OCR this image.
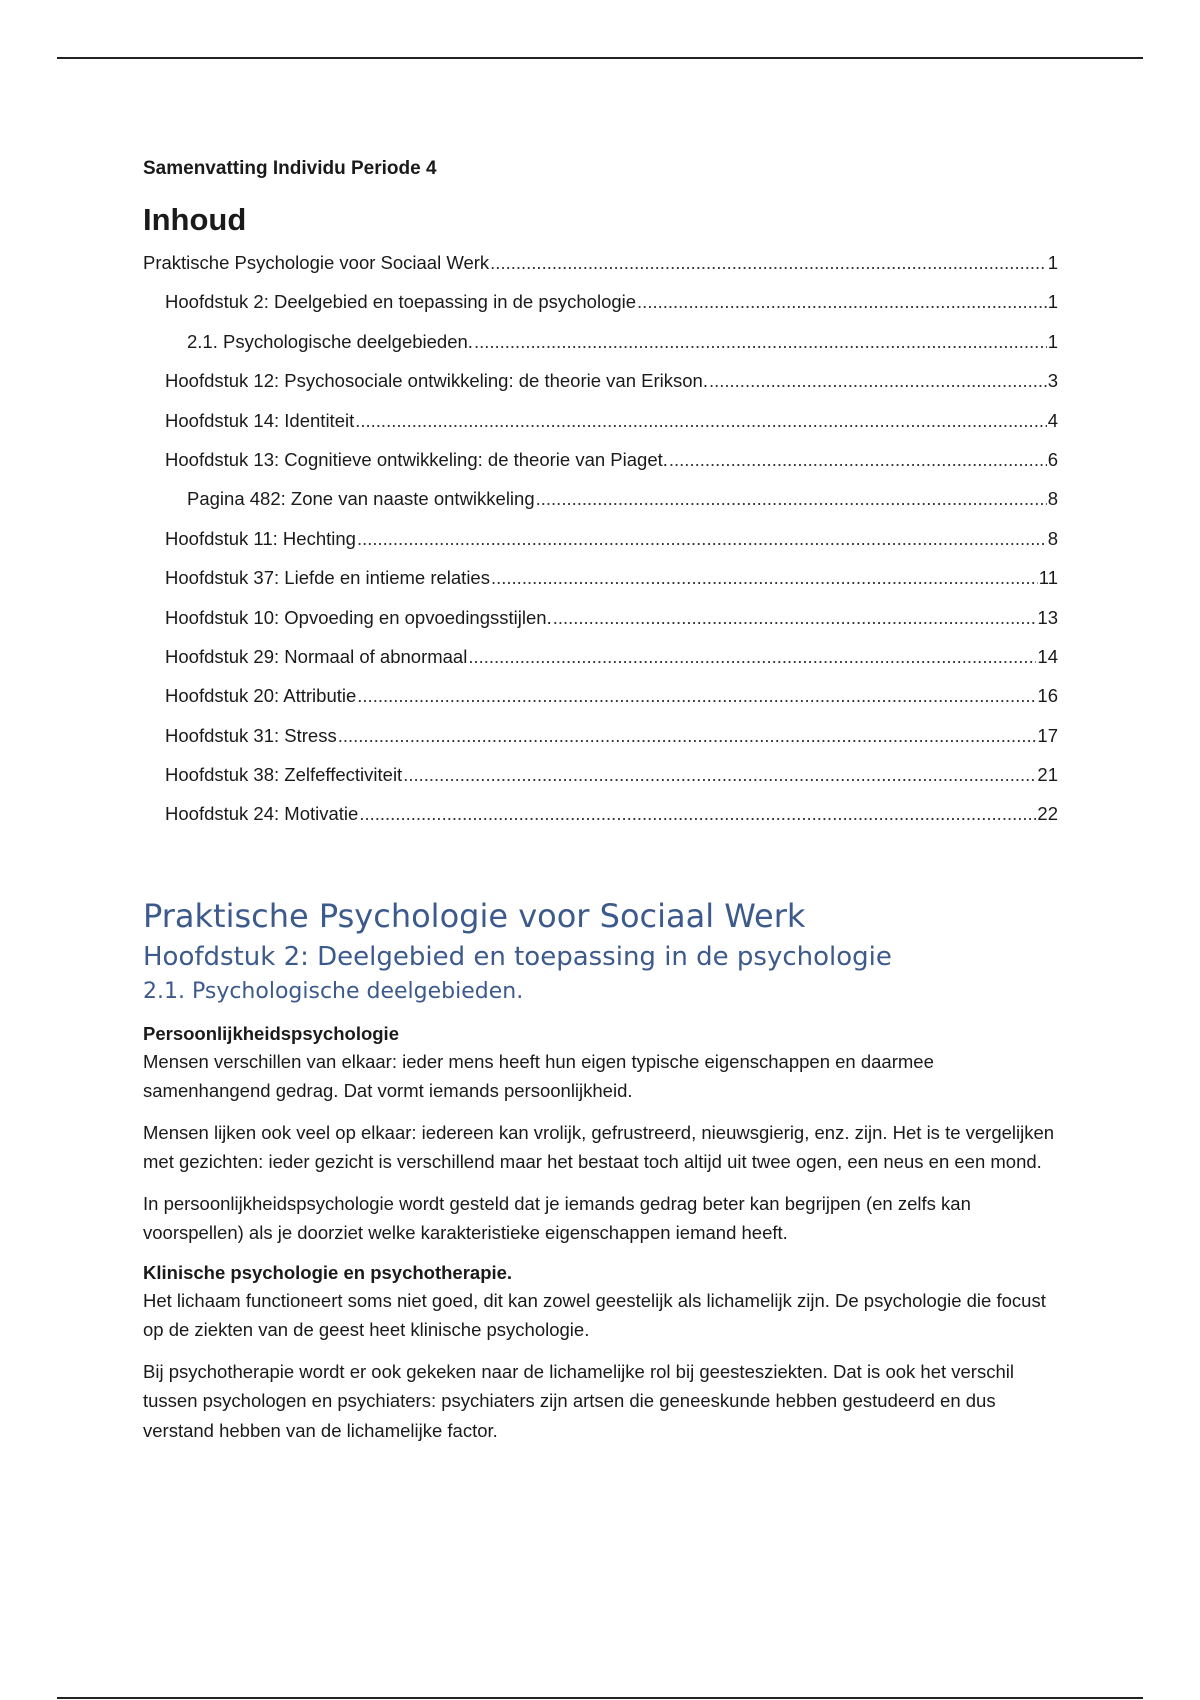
Samenvatting Individu Periode 4
Inhoud
Praktische Psychologie voor Sociaal Werk .....	1
Hoofdstuk 2: Deelgebied en toepassing in de psychologie .....	1
2.1. Psychologische deelgebieden. .....	1
Hoofdstuk 12: Psychosociale ontwikkeling: de theorie van Erikson. .....	3
Hoofdstuk 14: Identiteit .....	4
Hoofdstuk 13: Cognitieve ontwikkeling: de theorie van Piaget. .....	6
Pagina 482: Zone van naaste ontwikkeling .....	8
Hoofdstuk 11: Hechting .....	8
Hoofdstuk 37: Liefde en intieme relaties .....	11
Hoofdstuk 10: Opvoeding en opvoedingsstijlen. .....	13
Hoofdstuk 29: Normaal of abnormaal .....	14
Hoofdstuk 20: Attributie .....	16
Hoofdstuk 31: Stress .....	17
Hoofdstuk 38: Zelfeffectiviteit .....	21
Hoofdstuk 24: Motivatie .....	22
Praktische Psychologie voor Sociaal Werk
Hoofdstuk 2: Deelgebied en toepassing in de psychologie
2.1. Psychologische deelgebieden.
Persoonlijkheidspsychologie

Mensen verschillen van elkaar: ieder mens heeft hun eigen typische eigenschappen en daarmee samenhangend gedrag. Dat vormt iemands persoonlijkheid.

Mensen lijken ook veel op elkaar: iedereen kan vrolijk, gefrustreerd, nieuwsgierig, enz. zijn. Het is te vergelijken met gezichten: ieder gezicht is verschillend maar het bestaat toch altijd uit twee ogen, een neus en een mond.

In persoonlijkheidspsychologie wordt gesteld dat je iemands gedrag beter kan begrijpen (en zelfs kan voorspellen) als je doorziet welke karakteristieke eigenschappen iemand heeft.

Klinische psychologie en psychotherapie.

Het lichaam functioneert soms niet goed, dit kan zowel geestelijk als lichamelijk zijn. De psychologie die focust op de ziekten van de geest heet klinische psychologie.

Bij psychotherapie wordt er ook gekeken naar de lichamelijke rol bij geestesziekten. Dat is ook het verschil tussen psychologen en psychiaters: psychiaters zijn artsen die geneeskunde hebben gestudeerd en dus verstand hebben van de lichamelijke factor.
